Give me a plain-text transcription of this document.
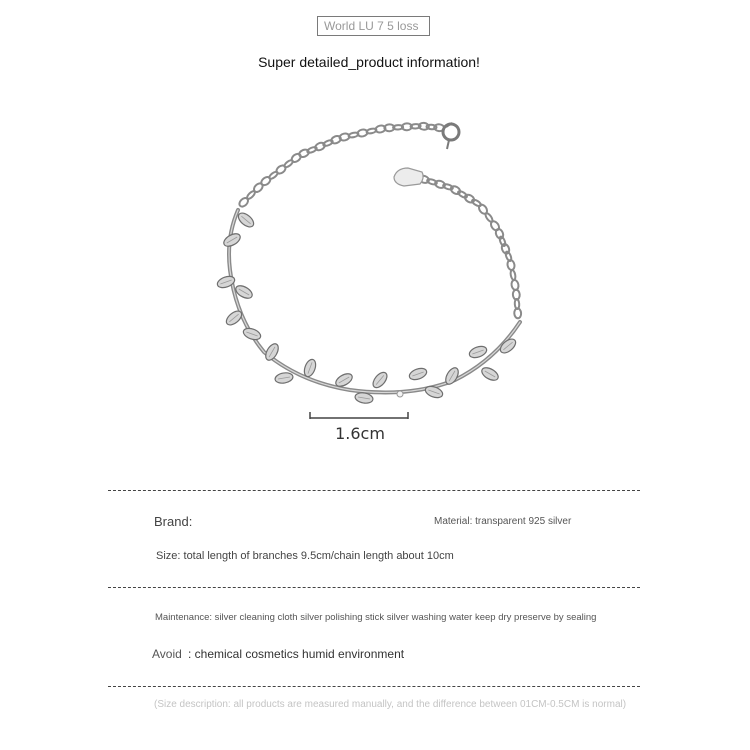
World LU 7 5 loss
Super detailed_product information!
1.6cm
Brand:	Material: transparent 925 silver
Size: total length of branches 9.5cm/chain length about 10cm
Maintenance: silver cleaning cloth silver polishing stick silver washing water keep dry preserve by sealing
Avoid : chemical cosmetics humid environment
(Size description: all products are measured manually, and the difference between 01CM-0.5CM is normal)
